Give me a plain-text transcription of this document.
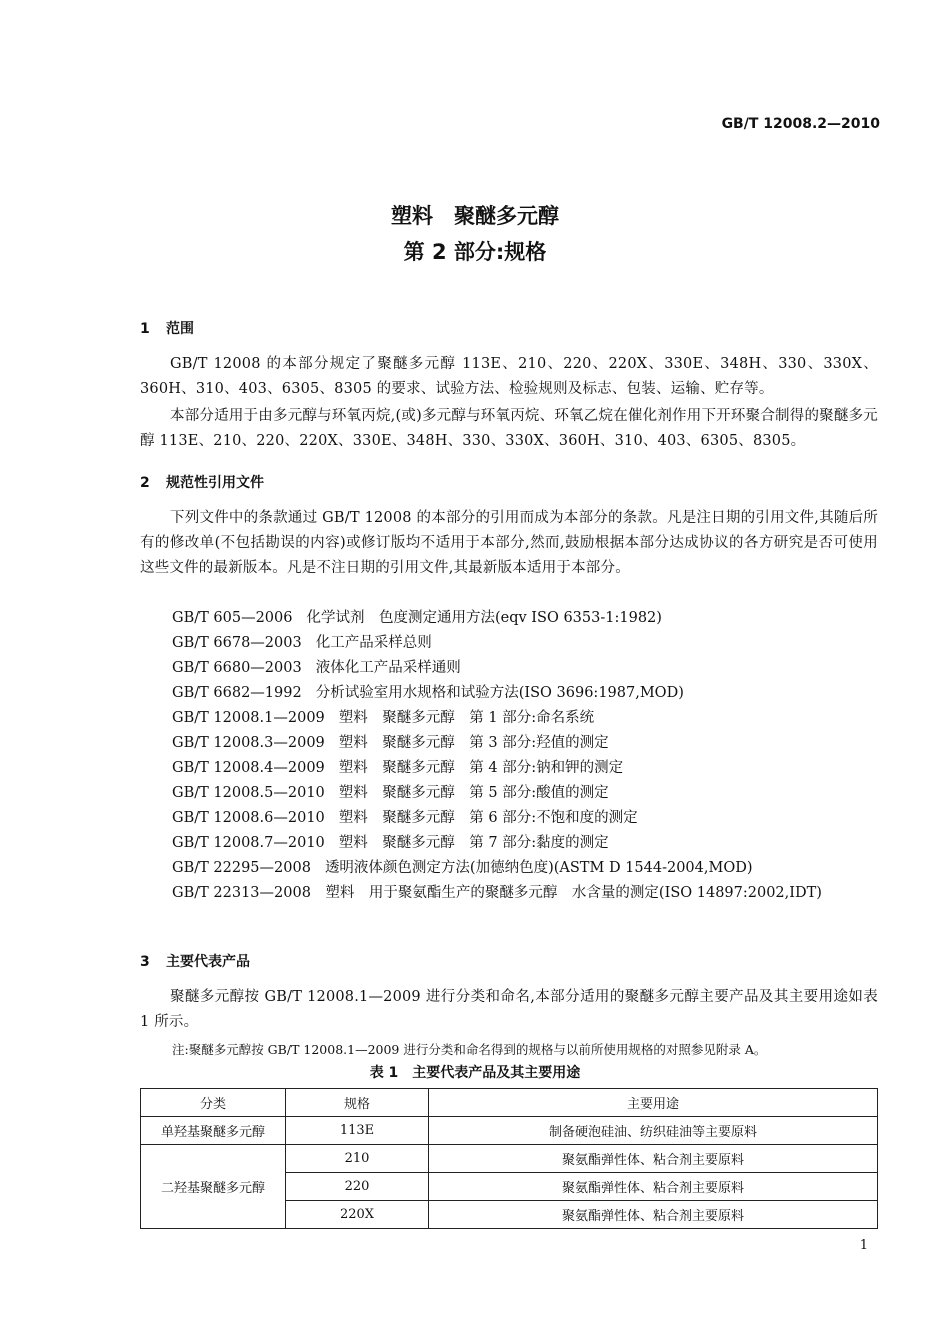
GB/T 12008.2—2010
塑料　聚醚多元醇
第 2 部分:规格
1 范围
GB/T 12008 的本部分规定了聚醚多元醇 113E、210、220、220X、330E、348H、330、330X、360H、310、403、6305、8305 的要求、试验方法、检验规则及标志、包装、运输、贮存等。
本部分适用于由多元醇与环氧丙烷,(或)多元醇与环氧丙烷、环氧乙烷在催化剂作用下开环聚合制得的聚醚多元醇 113E、210、220、220X、330E、348H、330、330X、360H、310、403、6305、8305。
2 规范性引用文件
下列文件中的条款通过 GB/T 12008 的本部分的引用而成为本部分的条款。凡是注日期的引用文件,其随后所有的修改单(不包括勘误的内容)或修订版均不适用于本部分,然而,鼓励根据本部分达成协议的各方研究是否可使用这些文件的最新版本。凡是不注日期的引用文件,其最新版本适用于本部分。
GB/T 605—2006 化学试剂　色度测定通用方法(eqv ISO 6353-1:1982)
GB/T 6678—2003 化工产品采样总则
GB/T 6680—2003 液体化工产品采样通则
GB/T 6682—1992 分析试验室用水规格和试验方法(ISO 3696:1987,MOD)
GB/T 12008.1—2009 塑料　聚醚多元醇　第 1 部分:命名系统
GB/T 12008.3—2009 塑料　聚醚多元醇　第 3 部分:羟值的测定
GB/T 12008.4—2009 塑料　聚醚多元醇　第 4 部分:钠和钾的测定
GB/T 12008.5—2010 塑料　聚醚多元醇　第 5 部分:酸值的测定
GB/T 12008.6—2010 塑料　聚醚多元醇　第 6 部分:不饱和度的测定
GB/T 12008.7—2010 塑料　聚醚多元醇　第 7 部分:黏度的测定
GB/T 22295—2008 透明液体颜色测定方法(加德纳色度)(ASTM D 1544-2004,MOD)
GB/T 22313—2008　塑料　用于聚氨酯生产的聚醚多元醇　水含量的测定(ISO 14897:2002,IDT)
3 主要代表产品
聚醚多元醇按 GB/T 12008.1—2009 进行分类和命名,本部分适用的聚醚多元醇主要产品及其主要用途如表 1 所示。
注:聚醚多元醇按 GB/T 12008.1—2009 进行分类和命名得到的规格与以前所使用规格的对照参见附录 A。
表 1　主要代表产品及其主要用途
分类	规格	主要用途
单羟基聚醚多元醇	113E	制备硬泡硅油、纺织硅油等主要原料
二羟基聚醚多元醇	210	聚氨酯弹性体、粘合剂主要原料
	220	聚氨酯弹性体、粘合剂主要原料
	220X	聚氨酯弹性体、粘合剂主要原料
1
